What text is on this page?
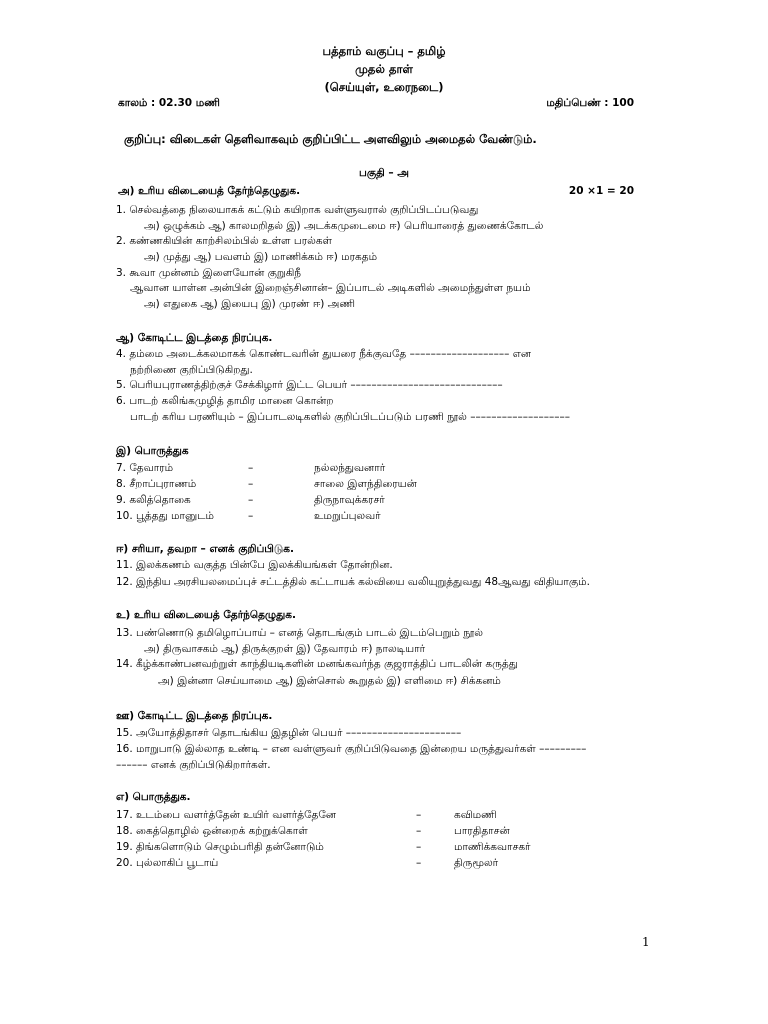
பத்தாம் வகுப்பு – தமிழ்
முதல் தாள்
(செய்யுள், உரைநடை)
காலம் : 02.30 மணி	மதிப்பெண் : 100
குறிப்பு: விடைகள் தெளிவாகவும் குறிப்பிட்ட அளவிலும் அமைதல் வேண்டும்.
பகுதி – அ
அ) உரிய விடையைத் தேர்ந்தெழுதுக.	20 ×1 = 20
1. செல்வத்தை நிலையாகக் கட்டும் கயிறாக வள்ளுவரால் குறிப்பிடப்படுவது
அ) ஒழுக்கம் ஆ) காலமறிதல் இ) அடக்கமுடைமை ஈ) பெரியாரைத் துணைக்கோடல்
2. கண்ணகியின் காற்சிலம்பில் உள்ள பரல்கள்
அ) முத்து ஆ) பவளம் இ) மாணிக்கம் ஈ) மரகதம்
3. கூவா முன்னம் இளையோன் குறுகிநீ
ஆவான யாள்ன அன்பின் இறைஞ்சினான்– இப்பாடல் அடிகளில் அமைந்துள்ள நயம்
அ) எதுகை ஆ) இயைபு இ) முரண் ஈ) அணி
ஆ) கோடிட்ட இடத்தை நிரப்புக.
4. தம்மை அடைக்கலமாகக் கொண்டவரின் துயரை நீக்குவதே ––––––––––––––––––– என
நற்றிணை குறிப்பிடுகிறது.
5. பெரியபுராணத்திற்குச் சேக்கிழார் இட்ட பெயர் –––––––––––––––––––––––––––––
6. பாடற் கலிங்கமுழித் தாமிர மானை கொன்ற
பாடற் கரிய பரணியும் – இப்பாடலடிகளில் குறிப்பிடப்படும் பரணி நூல் –––––––––––––––––––
இ) பொருத்துக
7. தேவாரம்	–	நல்லந்துவனார்
8. சீறாப்புராணம்	–	சாலை இளந்திரையன்
9. கலித்தொகை	–	திருநாவுக்கரசர்
10. பூத்தது மானுடம்	–	உமறுப்புலவர்
ஈ) சரியா, தவறா – எனக் குறிப்பிடுக.
11. இலக்கணம் வகுத்த பின்பே இலக்கியங்கள் தோன்றின.
12. இந்திய அரசியலமைப்புச் சட்டத்தில் கட்டாயக் கல்வியை வலியுறுத்துவது 48ஆவது விதியாகும்.
உ) உரிய விடையைத் தேர்ந்தெழுதுக.
13. பண்ணொடு தமிழொப்பாய் – எனத் தொடங்கும் பாடல் இடம்பெறும் நூல்
அ) திருவாசகம் ஆ) திருக்குறள் இ) தேவாரம் ஈ) நாலடியார்
14. கீழ்க்காண்பனவற்றுள் காந்தியடிகளின் மனங்கவர்ந்த குஜராத்திப் பாடலின் கருத்து
அ) இன்னா செய்யாமை ஆ) இன்சொல் கூறுதல் இ) எளிமை ஈ) சிக்கனம்
ஊ) கோடிட்ட இடத்தை நிரப்புக.
15. அயோத்திதாசர் தொடங்கிய இதழின் பெயர் ––––––––––––––––––––––
16. மாறுபாடு இல்லாத உண்டி – என வள்ளுவர் குறிப்பிடுவதை இன்றைய மருத்துவர்கள் –––––––––
–––––– எனக் குறிப்பிடுகிறார்கள்.
எ) பொருத்துக.
17. உடம்பை வளர்த்தேன் உயிர் வளர்த்தேனே	–	கவிமணி
18. கைத்தொழில் ஒன்றைக் கற்றுக்கொள்	–	பாரதிதாசன்
19. திங்களொடும் செழும்பரிதி தன்னோடும்	–	மாணிக்கவாசகர்
20. புல்லாகிப் பூடாய்	–	திருமூலர்
1
